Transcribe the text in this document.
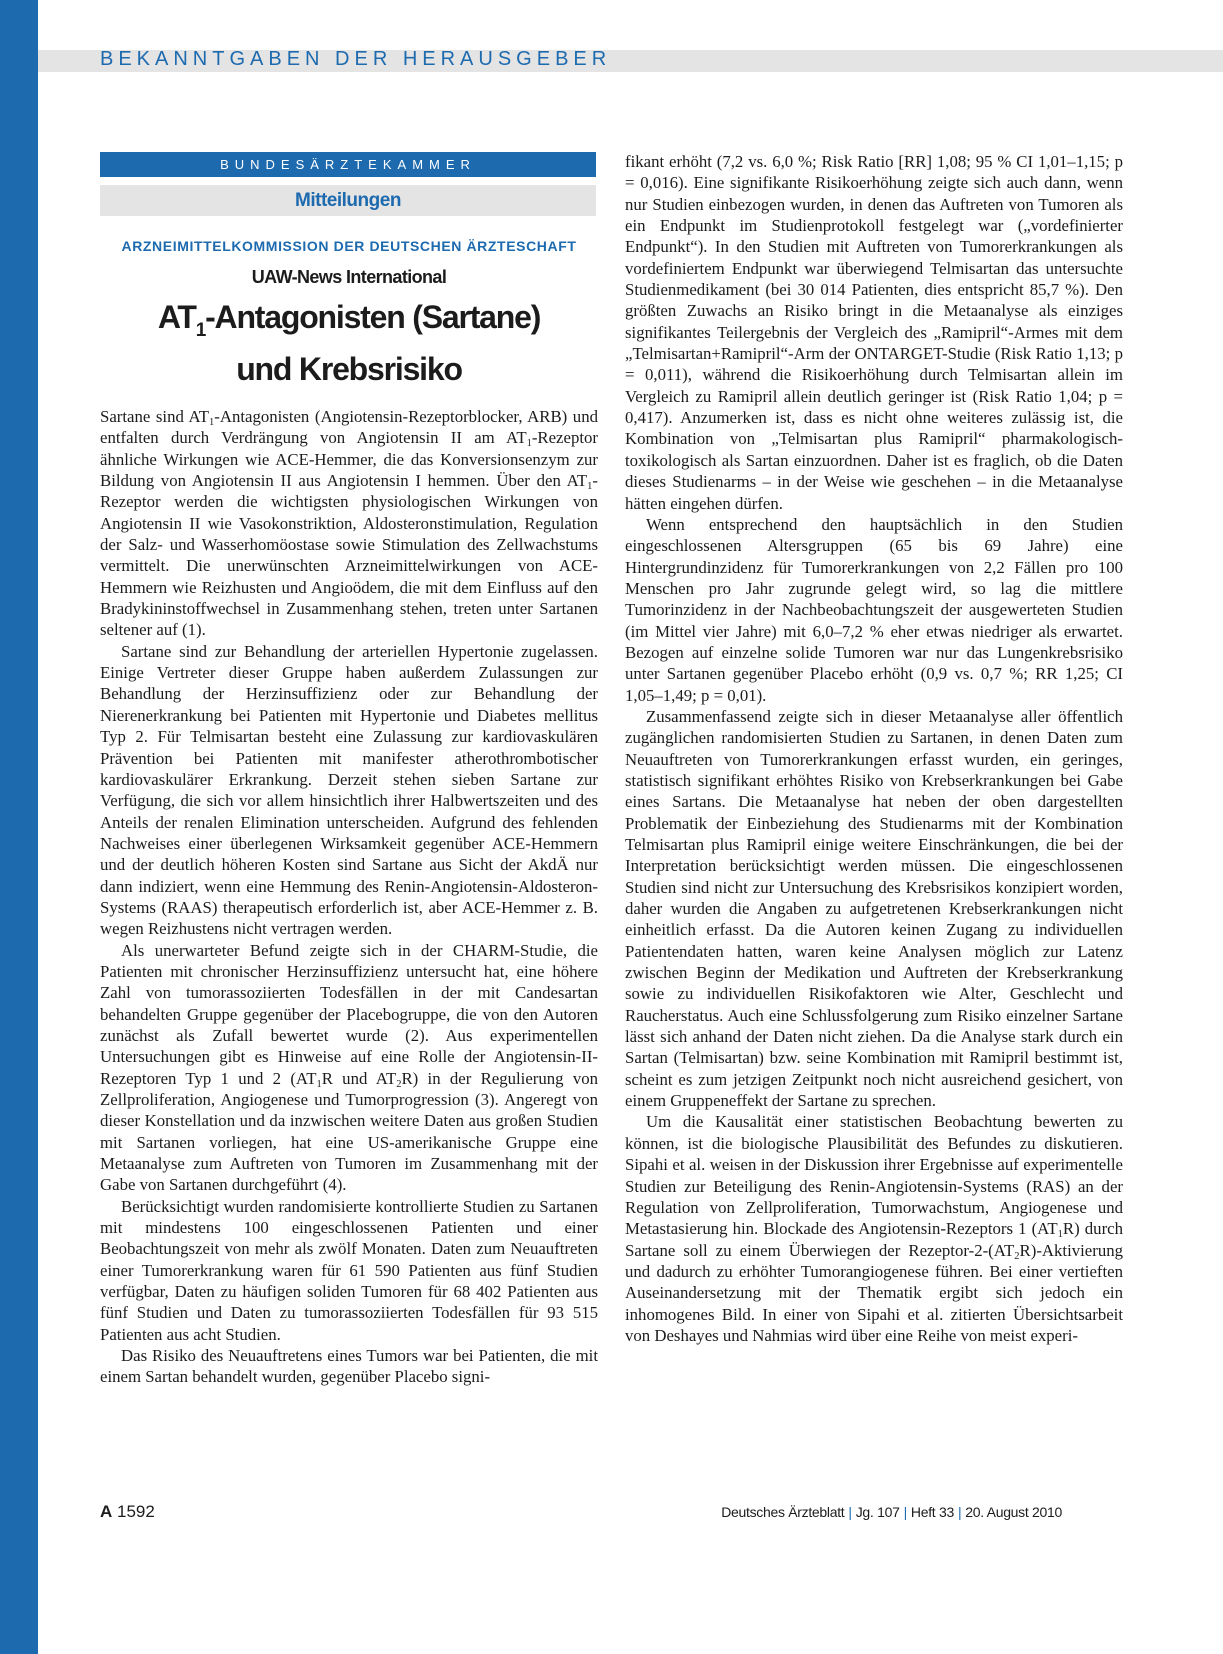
BEKANNTGABEN DER HERAUSGEBER
BUNDESÄRZTEKAMMER
Mitteilungen
ARZNEIMITTELKOMMISSION DER DEUTSCHEN ÄRZTESCHAFT
UAW-News International
$AT_1$-Antagonisten (Sartane)
und Krebsrisiko

Sartane sind $AT_1$-Antagonisten (Angiotensin-Rezeptorblocker, ARB) und entfalten durch Verdrängung von Angiotensin II am $AT_1$-Rezeptor ähnliche Wirkungen wie ACE-Hemmer, die das Konversionsenzym zur Bildung von Angiotensin II aus Angiotensin I hemmen. Über den $AT_1$-Rezeptor werden die wichtigsten physiologischen Wirkungen von Angiotensin II wie Vasokonstriktion, Aldosteronstimulation, Regulation der Salz- und Wasserhomöostase sowie Stimulation des Zellwachstums vermittelt. Die unerwünschten Arzneimittelwirkungen von ACE-Hemmern wie Reizhusten und Angioödem, die mit dem Einfluss auf den Bradykininstoffwechsel in Zusammenhang stehen, treten unter Sartanen seltener auf (1).

Sartane sind zur Behandlung der arteriellen Hypertonie zugelassen. Einige Vertreter dieser Gruppe haben außerdem Zulassungen zur Behandlung der Herzinsuffizienz oder zur Behandlung der Nierenerkrankung bei Patienten mit Hypertonie und Diabetes mellitus Typ 2. Für Telmisartan besteht eine Zulassung zur kardiovaskulären Prävention bei Patienten mit manifester atherothrombotischer kardiovaskulärer Erkrankung. Derzeit stehen sieben Sartane zur Verfügung, die sich vor allem hinsichtlich ihrer Halbwertszeiten und des Anteils der renalen Elimination unterscheiden. Aufgrund des fehlenden Nachweises einer überlegenen Wirksamkeit gegenüber ACE-Hemmern und der deutlich höheren Kosten sind Sartane aus Sicht der AkdÄ nur dann indiziert, wenn eine Hemmung des Renin-Angiotensin-Aldosteron-Systems (RAAS) therapeutisch erforderlich ist, aber ACE-Hemmer z. B. wegen Reizhustens nicht vertragen werden.

Als unerwarteter Befund zeigte sich in der CHARM-Studie, die Patienten mit chronischer Herzinsuffizienz untersucht hat, eine höhere Zahl von tumorassoziierten Todesfällen in der mit Candesartan behandelten Gruppe gegenüber der Placebogruppe, die von den Autoren zunächst als Zufall bewertet wurde (2). Aus experimentellen Untersuchungen gibt es Hinweise auf eine Rolle der Angiotensin-II-Rezeptoren Typ 1 und 2 ($AT_1R$ und $AT_2R$) in der Regulierung von Zellproliferation, Angiogenese und Tumorprogression (3). Angeregt von dieser Konstellation und da inzwischen weitere Daten aus großen Studien mit Sartanen vorliegen, hat eine US-amerikanische Gruppe eine Metaanalyse zum Auftreten von Tumoren im Zusammenhang mit der Gabe von Sartanen durchgeführt (4).

Berücksichtigt wurden randomisierte kontrollierte Studien zu Sartanen mit mindestens 100 eingeschlossenen Patienten und einer Beobachtungszeit von mehr als zwölf Monaten. Daten zum Neuauftreten einer Tumorerkrankung waren für 61 590 Patienten aus fünf Studien verfügbar, Daten zu häufigen soliden Tumoren für 68 402 Patienten aus fünf Studien und Daten zu tumorassoziierten Todesfällen für 93 515 Patienten aus acht Studien.

Das Risiko des Neuauftretens eines Tumors war bei Patienten, die mit einem Sartan behandelt wurden, gegenüber Placebo signi-

fikant erhöht (7,2 vs. 6,0 %; Risk Ratio [RR] 1,08; 95 % CI 1,01–1,15; p = 0,016). Eine signifikante Risikoerhöhung zeigte sich auch dann, wenn nur Studien einbezogen wurden, in denen das Auftreten von Tumoren als ein Endpunkt im Studienprotokoll festgelegt war („vordefinierter Endpunkt“). In den Studien mit Auftreten von Tumorerkrankungen als vordefiniertem Endpunkt war überwiegend Telmisartan das untersuchte Studienmedikament (bei 30 014 Patienten, dies entspricht 85,7 %). Den größten Zuwachs an Risiko bringt in die Metaanalyse als einziges signifikantes Teilergebnis der Vergleich des „Ramipril“-Armes mit dem „Telmisartan+Ramipril“-Arm der ONTARGET-Studie (Risk Ratio 1,13; p = 0,011), während die Risikoerhöhung durch Telmisartan allein im Vergleich zu Ramipril allein deutlich geringer ist (Risk Ratio 1,04; p = 0,417). Anzumerken ist, dass es nicht ohne weiteres zulässig ist, die Kombination von „Telmisartan plus Ramipril“ pharmakologisch-toxikologisch als Sartan einzuordnen. Daher ist es fraglich, ob die Daten dieses Studienarms – in der Weise wie geschehen – in die Metaanalyse hätten eingehen dürfen.

Wenn entsprechend den hauptsächlich in den Studien eingeschlossenen Altersgruppen (65 bis 69 Jahre) eine Hintergrundinzidenz für Tumorerkrankungen von 2,2 Fällen pro 100 Menschen pro Jahr zugrunde gelegt wird, so lag die mittlere Tumorinzidenz in der Nachbeobachtungszeit der ausgewerteten Studien (im Mittel vier Jahre) mit 6,0–7,2 % eher etwas niedriger als erwartet. Bezogen auf einzelne solide Tumoren war nur das Lungenkrebsrisiko unter Sartanen gegenüber Placebo erhöht (0,9 vs. 0,7 %; RR 1,25; CI 1,05–1,49; p = 0,01).

Zusammenfassend zeigte sich in dieser Metaanalyse aller öffentlich zugänglichen randomisierten Studien zu Sartanen, in denen Daten zum Neuauftreten von Tumorerkrankungen erfasst wurden, ein geringes, statistisch signifikant erhöhtes Risiko von Krebserkrankungen bei Gabe eines Sartans. Die Metaanalyse hat neben der oben dargestellten Problematik der Einbeziehung des Studienarms mit der Kombination Telmisartan plus Ramipril einige weitere Einschränkungen, die bei der Interpretation berücksichtigt werden müssen. Die eingeschlossenen Studien sind nicht zur Untersuchung des Krebsrisikos konzipiert worden, daher wurden die Angaben zu aufgetretenen Krebserkrankungen nicht einheitlich erfasst. Da die Autoren keinen Zugang zu individuellen Patientendaten hatten, waren keine Analysen möglich zur Latenz zwischen Beginn der Medikation und Auftreten der Krebserkrankung sowie zu individuellen Risikofaktoren wie Alter, Geschlecht und Raucherstatus. Auch eine Schlussfolgerung zum Risiko einzelner Sartane lässt sich anhand der Daten nicht ziehen. Da die Analyse stark durch ein Sartan (Telmisartan) bzw. seine Kombination mit Ramipril bestimmt ist, scheint es zum jetzigen Zeitpunkt noch nicht ausreichend gesichert, von einem Gruppeneffekt der Sartane zu sprechen.

Um die Kausalität einer statistischen Beobachtung bewerten zu können, ist die biologische Plausibilität des Befundes zu diskutieren. Sipahi et al. weisen in der Diskussion ihrer Ergebnisse auf experimentelle Studien zur Beteiligung des Renin-Angiotensin-Systems (RAS) an der Regulation von Zellproliferation, Tumorwachstum, Angiogenese und Metastasierung hin. Blockade des Angiotensin-Rezeptors 1 $(AT_1R)$ durch Sartane soll zu einem Überwiegen der Rezeptor-$2-(AT_2R)$-Aktivierung und dadurch zu erhöhter Tumorangiogenese führen. Bei einer vertieften Auseinandersetzung mit der Thematik ergibt sich jedoch ein inhomogenes Bild. In einer von Sipahi et al. zitierten Übersichtsarbeit von Deshayes und Nahmias wird über eine Reihe von meist experi-

A 1592	Deutsches Ärzteblatt | Jg. 107 | Heft 33 | 20. August 2010
